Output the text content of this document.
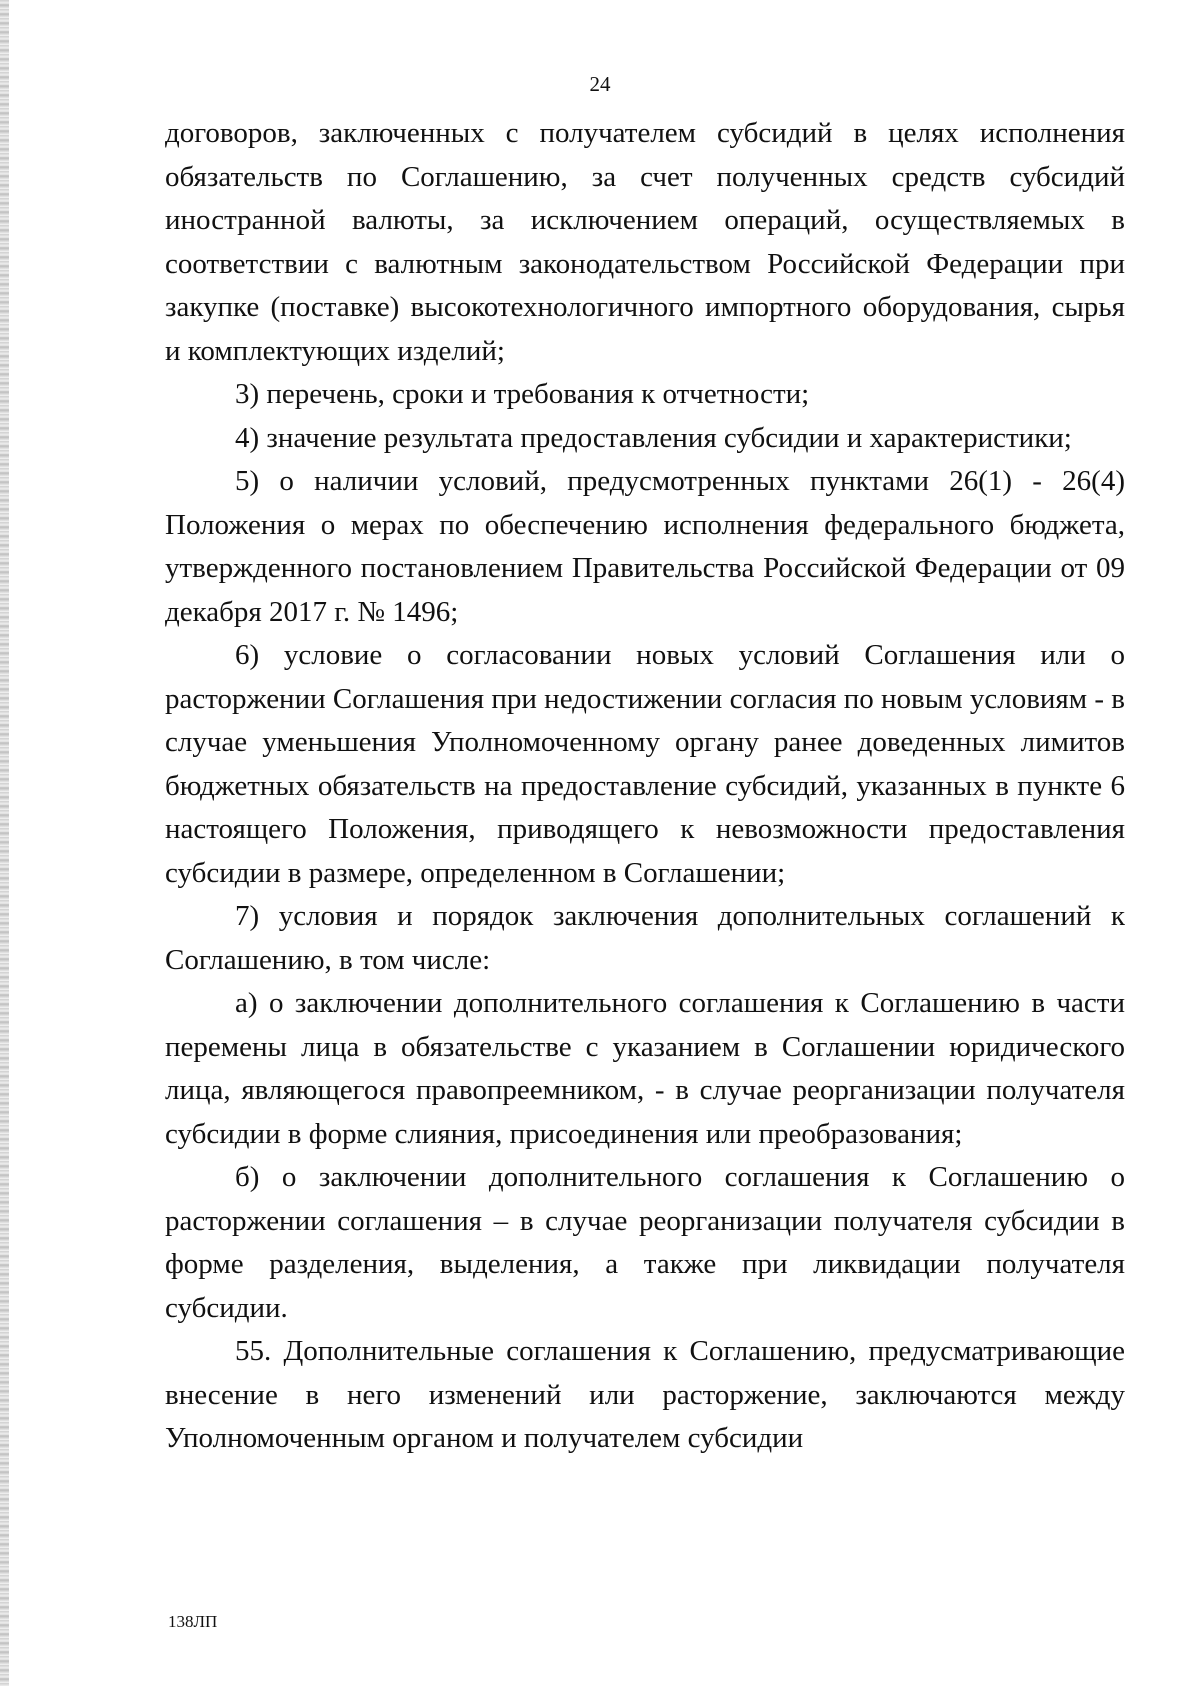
24

договоров, заключенных с получателем субсидий в целях исполнения обязательств по Соглашению, за счет полученных средств субсидий иностранной валюты, за исключением операций, осуществляемых в соответствии с валютным законодательством Российской Федерации при закупке (поставке) высокотехнологичного импортного оборудования, сырья и комплектующих изделий;

3) перечень, сроки и требования к отчетности;

4) значение результата предоставления субсидии и характеристики;

5) о наличии условий, предусмотренных пунктами 26(1) - 26(4) Положения о мерах по обеспечению исполнения федерального бюджета, утвержденного постановлением Правительства Российской Федерации от 09 декабря 2017 г. № 1496;

6) условие о согласовании новых условий Соглашения или о расторжении Соглашения при недостижении согласия по новым условиям - в случае уменьшения Уполномоченному органу ранее доведенных лимитов бюджетных обязательств на предоставление субсидий, указанных в пункте 6 настоящего Положения, приводящего к невозможности предоставления субсидии в размере, определенном в Соглашении;

7) условия и порядок заключения дополнительных соглашений к Соглашению, в том числе:

а) о заключении дополнительного соглашения к Соглашению в части перемены лица в обязательстве с указанием в Соглашении юридического лица, являющегося правопреемником, - в случае реорганизации получателя субсидии в форме слияния, присоединения или преобразования;

б) о заключении дополнительного соглашения к Соглашению о расторжении соглашения – в случае реорганизации получателя субсидии в форме разделения, выделения, а также при ликвидации получателя субсидии.

55. Дополнительные соглашения к Соглашению, предусматривающие внесение в него изменений или расторжение, заключаются между Уполномоченным органом и получателем субсидии

138ЛП
